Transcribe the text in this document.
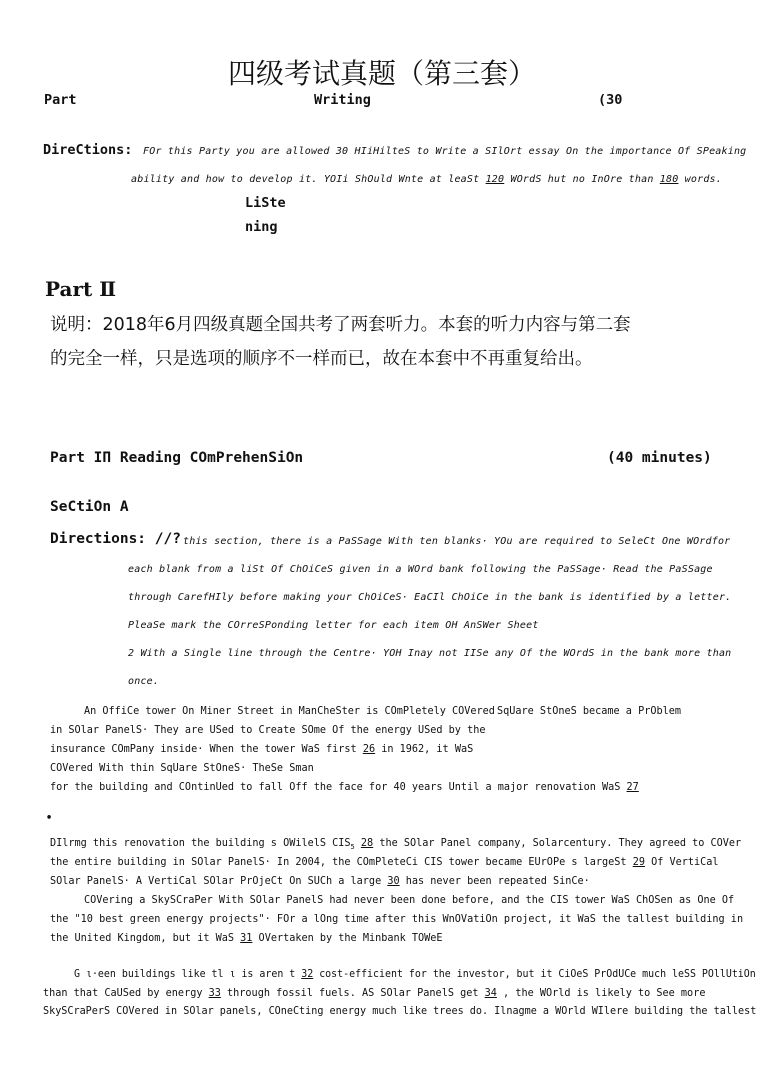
四级考试真题（第三套）
Part	Writing	(30
DireCtions: FOr this Party you are allowed 30 HIiHilteS to Write a SIlOrt essay On the importance Of SPeaking
ability and how to develop it. YOIi ShOuld Wnte at leaSt 120 WOrdS hut no InOre than 180 words.
LiSte
ning
Part Ⅱ
说明：2018年6月四级真题全国共考了两套听力。本套的听力内容与第二套
的完全一样，只是选项的顺序不一样而已，故在本套中不再重复给出。
Part IП Reading COmPrehenSiOn	(40 minutes)
SeCtiOn A
Directions: //? this section, there is a PaSSage With ten blanks· YOu are required to SeleCt One WOrdfor
each blank from a liSt Of ChOiCeS given in a WOrd bank following the PaSSage· Read the PaSSage
through CarefHIly before making your ChOiCeS· EaCIl ChOiCe in the bank is identified by a letter.
PleaSe mark the COrreSPonding letter for each item OH AnSWer Sheet
2 With a Single line through the Centre· YOH Inay not IISe any Of the WOrdS in the bank more than
once.
An OffiCe tower On Miner Street in ManCheSter is COmPletely COVered SqUare StOneS became a PrOblem
in SOlar PanelS· They are USed to Create SOme Of the energy USed by the
insurance COmPany inside· When the tower WaS first 26 in 1962, it WaS
COVered With thin SqUare StOneS· TheSe Sman
for the building and COntinUed to fall Off the face for 40 years Until a major renovation WaS 27
•
DIlrmg this renovation the building s OWilelS $CIS_5$ 28 the SOlar Panel company, Solarcentury. They agreed to COVer
the entire building in SOlar PanelS· In 2004, the COmPleteCi CIS tower became EUrOPe s largeSt 29 Of VertiCal
SOlar PanelS· A VertiCal SOlar PrOjeCt On SUCh a large 30 has never been repeated SinCe·
COVering a SkySCraPer With SOlar PanelS had never been done before, and the CIS tower WaS ChOSen as One Of
the "10 best green energy projects"· FOr a lOng time after this WnOVatiOn project, it WaS the tallest building in
the United Kingdom, but it WaS 31 OVertaken by the Minbank TOWeE
G ι·een buildings like tl ι is aren t 32 cost-efficient for the investor, but it CiOeS PrOdUCe much leSS POllUtiOn
than that CaUSed by energy 33 through fossil fuels. AS SOlar PanelS get 34 , the WOrld is likely to See more
SkySCraPerS COVered in SOlar panels, COneCting energy much like trees do. Ilnagme a WOrld WIlere building the tallest
